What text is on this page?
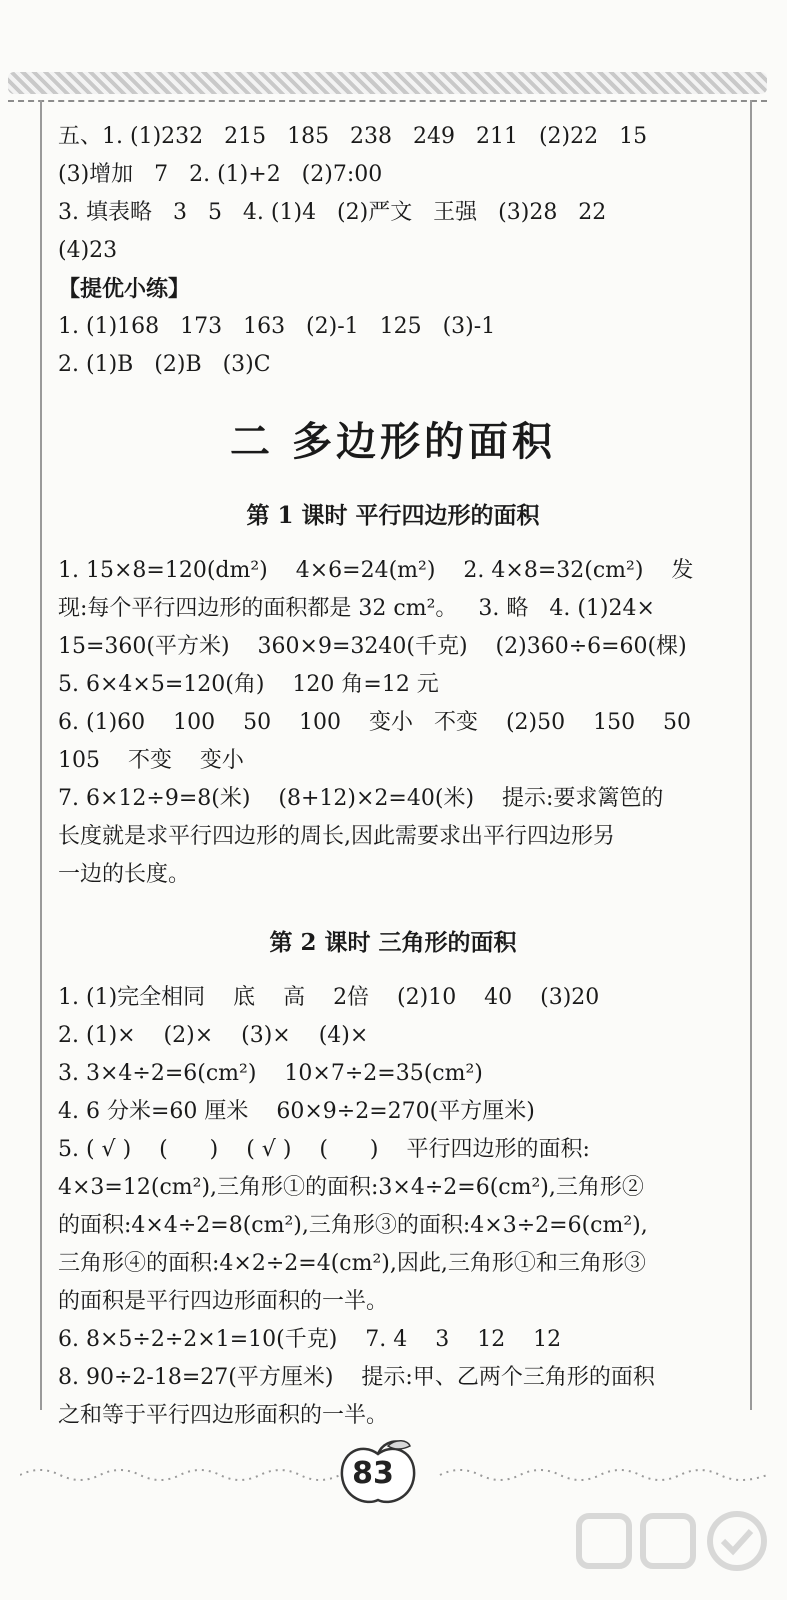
五、1. (1)232   215   185   238   249   211   (2)22   15
(3)增加   7   2. (1)+2   (2)7:00
3. 填表略   3   5   4. (1)4   (2)严文   王强   (3)28   22
(4)23
【提优小练】
1. (1)168   173   163   (2)-1   125   (3)-1
2. (1)B   (2)B   (3)C
二 多边形的面积
第 1 课时 平行四边形的面积
1. 15×8=120(dm²)    4×6=24(m²)    2. 4×8=32(cm²)    发
现:每个平行四边形的面积都是 32 cm²。   3. 略   4. (1)24×
15=360(平方米)    360×9=3240(千克)    (2)360÷6=60(棵)
5. 6×4×5=120(角)    120 角=12 元
6. (1)60    100    50    100    变小   不变    (2)50    150    50
105    不变    变小
7. 6×12÷9=8(米)    (8+12)×2=40(米)    提示:要求篱笆的
长度就是求平行四边形的周长,因此需要求出平行四边形另
一边的长度。
第 2 课时 三角形的面积
1. (1)完全相同    底    高    2倍    (2)10    40    (3)20
2. (1)×    (2)×    (3)×    (4)×
3. 3×4÷2=6(cm²)    10×7÷2=35(cm²)
4. 6 分米=60 厘米    60×9÷2=270(平方厘米)
5. ( √ )    (      )    ( √ )    (      )    平行四边形的面积:
4×3=12(cm²),三角形①的面积:3×4÷2=6(cm²),三角形②
的面积:4×4÷2=8(cm²),三角形③的面积:4×3÷2=6(cm²),
三角形④的面积:4×2÷2=4(cm²),因此,三角形①和三角形③
的面积是平行四边形面积的一半。
6. 8×5÷2÷2×1=10(千克)    7. 4    3    12    12
8. 90÷2-18=27(平方厘米)    提示:甲、乙两个三角形的面积
之和等于平行四边形面积的一半。
83
